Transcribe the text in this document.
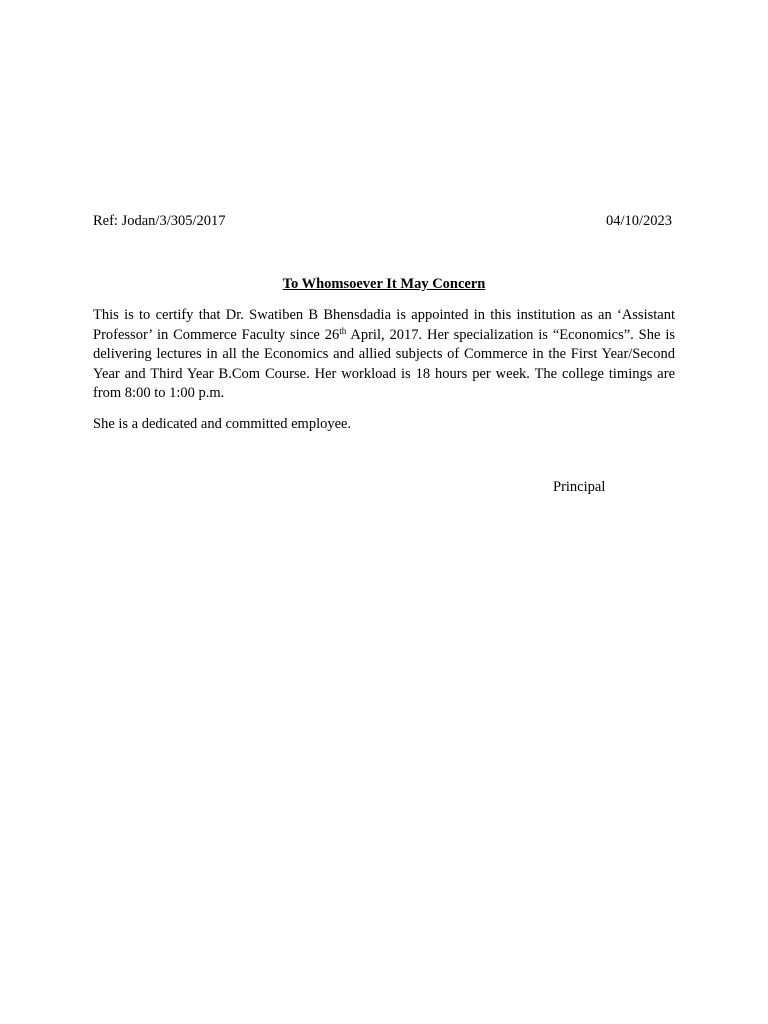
Ref: Jodan/3/305/2017	04/10/2023
To Whomsoever It May Concern

This is to certify that Dr. Swatiben B Bhensdadia is appointed in this institution as an ‘Assistant Professor’ in Commerce Faculty since 26th April, 2017. Her specialization is “Economics”. She is delivering lectures in all the Economics and allied subjects of Commerce in the First Year/Second Year and Third Year B.Com Course. Her workload is 18 hours per week. The college timings are from 8:00 to 1:00 p.m.

She is a dedicated and committed employee.

Principal
